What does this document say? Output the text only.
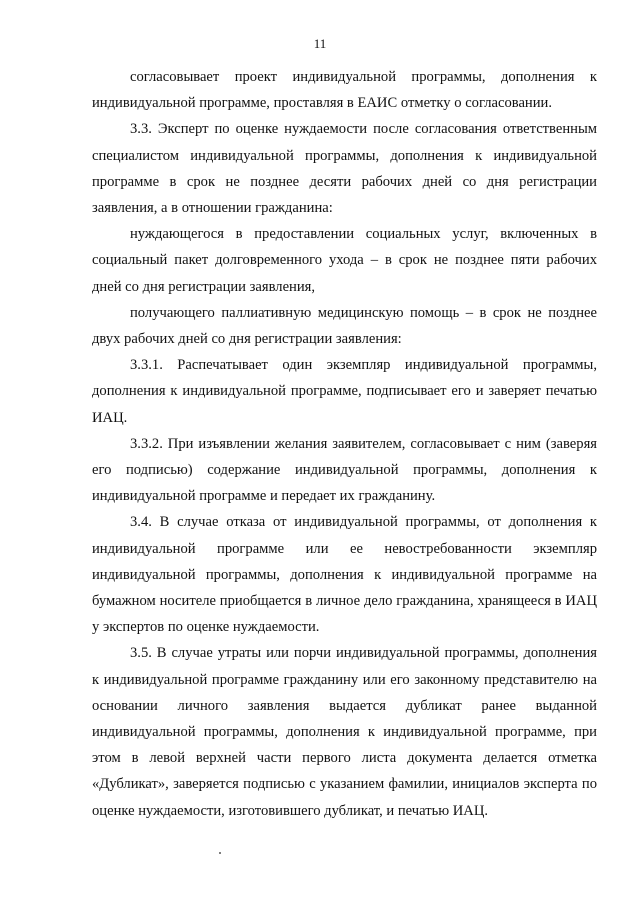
11

согласовывает проект индивидуальной программы, дополнения к индивидуальной программе, проставляя в ЕАИС отметку о согласовании.

3.3. Эксперт по оценке нуждаемости после согласования ответственным специалистом индивидуальной программы, дополнения к индивидуальной программе в срок не позднее десяти рабочих дней со дня регистрации заявления, а в отношении гражданина:

нуждающегося в предоставлении социальных услуг, включенных в социальный пакет долговременного ухода – в срок не позднее пяти рабочих дней со дня регистрации заявления,

получающего паллиативную медицинскую помощь – в срок не позднее двух рабочих дней со дня регистрации заявления:

3.3.1. Распечатывает один экземпляр индивидуальной программы, дополнения к индивидуальной программе, подписывает его и заверяет печатью ИАЦ.

3.3.2. При изъявлении желания заявителем, согласовывает с ним (заверяя его подписью) содержание индивидуальной программы, дополнения к индивидуальной программе и передает их гражданину.

3.4. В случае отказа от индивидуальной программы, от дополнения к индивидуальной программе или ее невостребованности экземпляр индивидуальной программы, дополнения к индивидуальной программе на бумажном носителе приобщается в личное дело гражданина, хранящееся в ИАЦ у экспертов по оценке нуждаемости.

3.5. В случае утраты или порчи индивидуальной программы, дополнения к индивидуальной программе гражданину или его законному представителю на основании личного заявления выдается дубликат ранее выданной индивидуальной программы, дополнения к индивидуальной программе, при этом в левой верхней части первого листа документа делается отметка «Дубликат», заверяется подписью с указанием фамилии, инициалов эксперта по оценке нуждаемости, изготовившего дубликат, и печатью ИАЦ.
